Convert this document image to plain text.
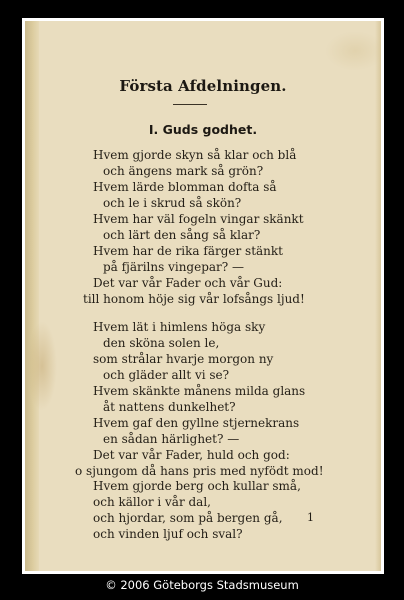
Första Afdelningen.
I. Guds godhet.
Hvem gjorde skyn så klar och blå
och ängens mark så grön?
Hvem lärde blomman dofta så
och le i skrud så skön?
Hvem har väl fogeln vingar skänkt
och lärt den sång så klar?
Hvem har de rika färger stänkt
på fjärilns vingepar? —
Det var vår Fader och vår Gud:
till honom höje sig vår lofsångs ljud!
Hvem lät i himlens höga sky
den sköna solen le,
som strålar hvarje morgon ny
och gläder allt vi se?
Hvem skänkte månens milda glans
åt nattens dunkelhet?
Hvem gaf den gyllne stjernekrans
en sådan härlighet? —
Det var vår Fader, huld och god:
o sjungom då hans pris med nyfödt mod!
Hvem gjorde berg och kullar små,
och källor i vår dal,
och hjordar, som på bergen gå,
och vinden ljuf och sval?
1
© 2006 Göteborgs Stadsmuseum
